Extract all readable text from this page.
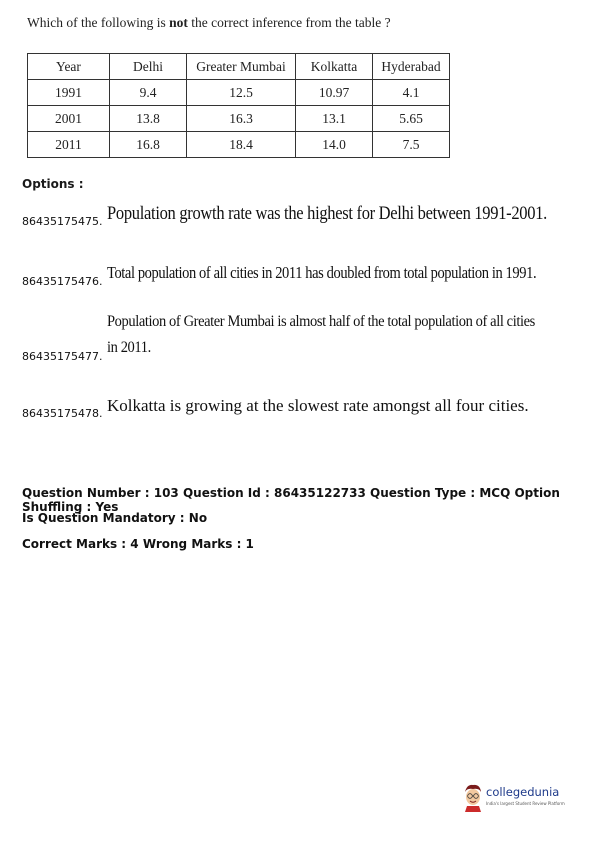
Which of the following is not the correct inference from the table ?
Year	Delhi	Greater Mumbai	Kolkatta	Hyderabad
1991	9.4	12.5	10.97	4.1
2001	13.8	16.3	13.1	5.65
2011	16.8	18.4	14.0	7.5
Options :
86435175475. Population growth rate was the highest for Delhi between 1991-2001.
86435175476. Total population of all cities in 2011 has doubled from total population in 1991.
86435175477.
Population of Greater Mumbai is almost half of the total population of all cities in 2011.
86435175478. Kolkatta is growing at the slowest rate amongst all four cities.
Question Number : 103 Question Id : 86435122733 Question Type : MCQ Option Shuffling : Yes
Is Question Mandatory : No
Correct Marks : 4 Wrong Marks : 1
collegedunia
India's largest Student Review Platform
